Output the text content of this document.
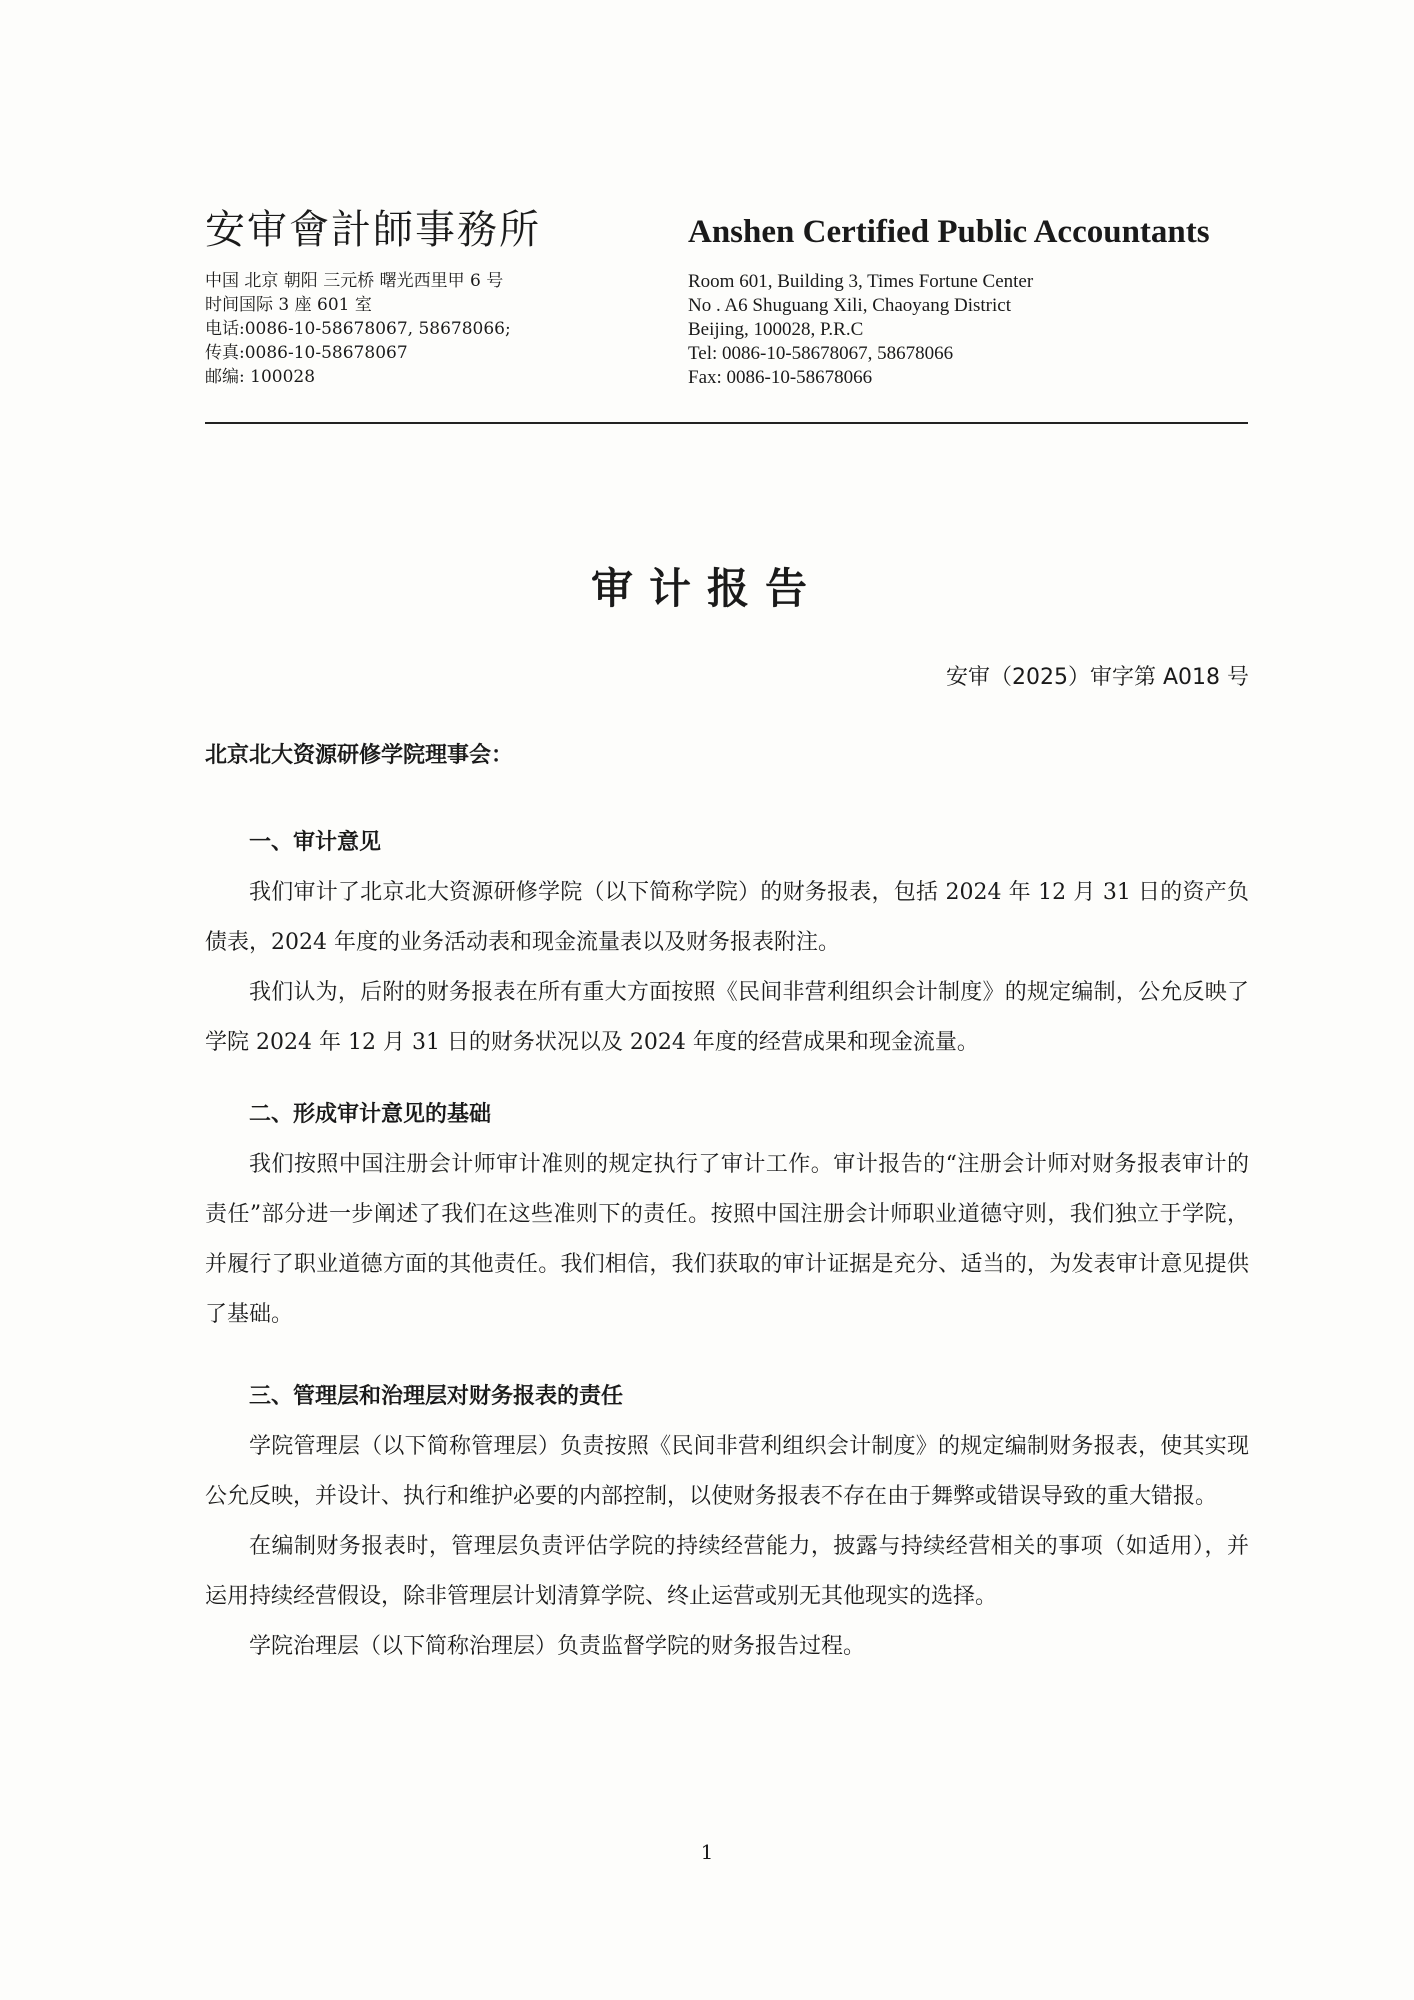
安审會計師事務所
中国 北京 朝阳 三元桥 曙光西里甲 6 号
时间国际 3 座 601 室
电话:0086-10-58678067, 58678066;
传真:0086-10-58678067
邮编: 100028
Anshen Certified Public Accountants
Room 601, Building 3, Times Fortune Center
No . A6 Shuguang Xili, Chaoyang District
Beijing, 100028, P.R.C
Tel: 0086-10-58678067, 58678066
Fax: 0086-10-58678066
审计报告
安审（2025）审字第 A018 号
北京北大资源研修学院理事会：
一、审计意见

我们审计了北京北大资源研修学院（以下简称学院）的财务报表，包括 2024 年 12 月 31 日的资产负债表，2024 年度的业务活动表和现金流量表以及财务报表附注。

我们认为，后附的财务报表在所有重大方面按照《民间非营利组织会计制度》的规定编制，公允反映了学院 2024 年 12 月 31 日的财务状况以及 2024 年度的经营成果和现金流量。

二、形成审计意见的基础

我们按照中国注册会计师审计准则的规定执行了审计工作。审计报告的“注册会计师对财务报表审计的责任”部分进一步阐述了我们在这些准则下的责任。按照中国注册会计师职业道德守则，我们独立于学院，并履行了职业道德方面的其他责任。我们相信，我们获取的审计证据是充分、适当的，为发表审计意见提供了基础。

三、管理层和治理层对财务报表的责任

学院管理层（以下简称管理层）负责按照《民间非营利组织会计制度》的规定编制财务报表，使其实现公允反映，并设计、执行和维护必要的内部控制，以使财务报表不存在由于舞弊或错误导致的重大错报。

在编制财务报表时，管理层负责评估学院的持续经营能力，披露与持续经营相关的事项（如适用），并运用持续经营假设，除非管理层计划清算学院、终止运营或别无其他现实的选择。

学院治理层（以下简称治理层）负责监督学院的财务报告过程。

1
